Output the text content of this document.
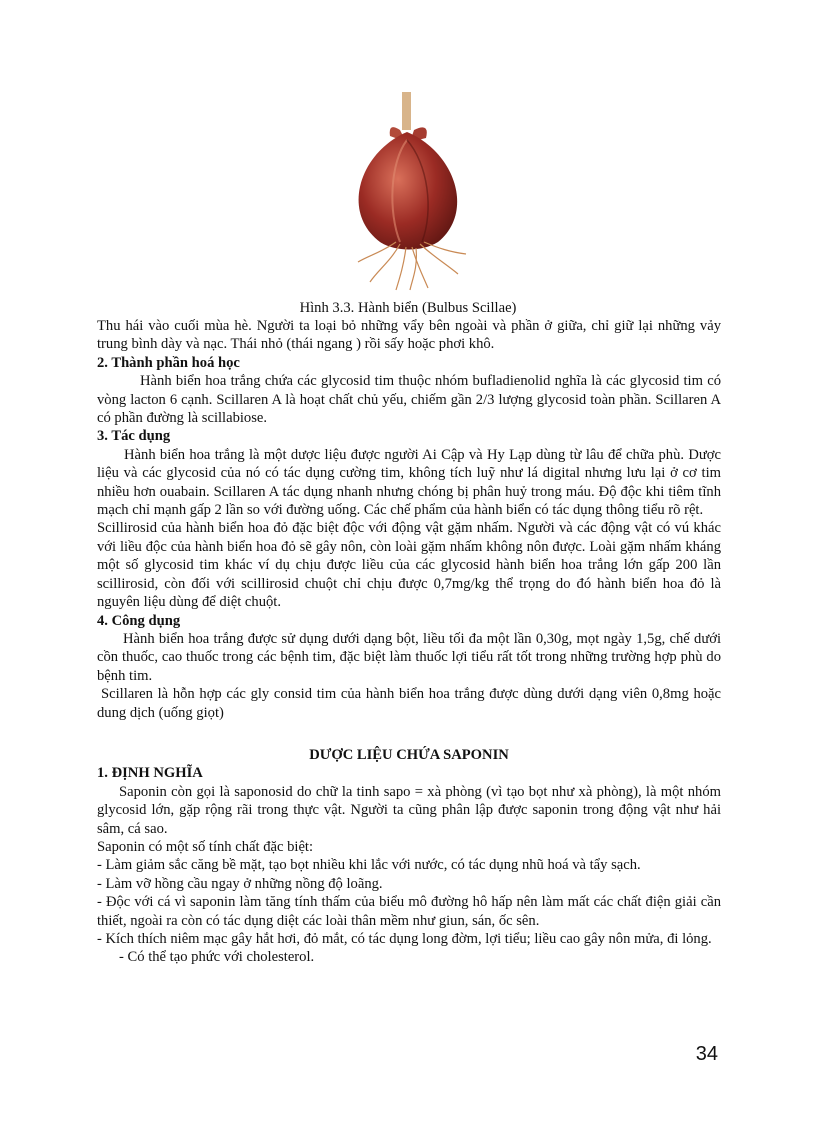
Hình 3.3. Hành biển (Bulbus Scillae)

Thu hái vào cuối mùa hè. Người ta loại bỏ những vẩy bên ngoài và phần ở giữa, chỉ giữ lại những vảy trung bình dày và nạc. Thái nhỏ (thái ngang ) rồi sấy hoặc phơi khô.

2. Thành phần hoá học

Hành biển hoa trắng chứa các glycosid tim thuộc nhóm bufladienolid nghĩa là các glycosid tim có vòng lacton 6 cạnh. Scillaren A là hoạt chất chủ yếu, chiếm gần 2/3 lượng glycosid toàn phần. Scillaren A có phần đường là scillabiose.

3. Tác dụng

Hành biển hoa trắng là một dược liệu được người Ai Cập và Hy Lạp dùng từ lâu để chữa phù. Dược liệu và các glycosid của nó có tác dụng cường tim, không tích luỹ như lá digital nhưng lưu lại ở cơ tim nhiều hơn ouabain. Scillaren A tác dụng nhanh nhưng chóng bị phân huỷ trong máu. Độ độc khi tiêm tĩnh mạch chỉ mạnh gấp 2 lần so với đường uống. Các chế phẩm của hành biển có tác dụng thông tiểu rõ rệt.

Scillirosid của hành biển hoa đỏ đặc biệt độc với động vật gặm nhấm. Người và các động vật có vú khác với liều độc của hành biển hoa đỏ sẽ gây nôn, còn loài gặm nhấm không nôn được. Loài gặm nhấm kháng một số glycosid tim khác ví dụ chịu được liều của các glycosid hành biển hoa trắng lớn gấp 200 lần scillirosid, còn đối với scillirosid chuột chỉ chịu được 0,7mg/kg thể trọng do đó hành biển hoa đỏ là nguyên liệu dùng để diệt chuột.

4. Công dụng

Hành biển hoa trắng được sử dụng dưới dạng bột, liều tối đa một lần 0,30g, mọt ngày 1,5g, chế dưới cồn thuốc, cao thuốc trong các bệnh tim, đặc biệt làm thuốc lợi tiểu rất tốt trong những trường hợp phù do bệnh tim.

Scillaren là hỗn hợp các gly consid tim của hành biển hoa trắng được dùng dưới dạng viên 0,8mg hoặc dung dịch (uống giọt)

DƯỢC LIỆU CHỨA SAPONIN

1. ĐỊNH NGHĨA

Saponin còn gọi là saponosid do chữ la tinh sapo = xà phòng (vì tạo bọt như xà phòng), là một nhóm glycosid lớn, gặp rộng rãi trong thực vật. Người ta cũng phân lập được saponin trong động vật như hải sâm, cá sao.

Saponin có một số tính chất đặc biệt:

- Làm giảm sắc căng bề mặt, tạo bọt nhiều khi lắc với nước, có tác dụng nhũ hoá và tẩy sạch.

- Làm vỡ hồng cầu ngay ở những nồng độ loãng.

- Độc với cá vì saponin làm tăng tính thấm của biểu mô đường hô hấp nên làm mất các chất điện giải cần thiết, ngoài ra còn có tác dụng diệt các loài thân mềm như giun, sán, ốc sên.

- Kích thích niêm mạc gây hắt hơi, đỏ mắt, có tác dụng long đờm, lợi tiểu; liều cao gây nôn mửa, đi lỏng.

- Có thể tạo phức với cholesterol.

34
